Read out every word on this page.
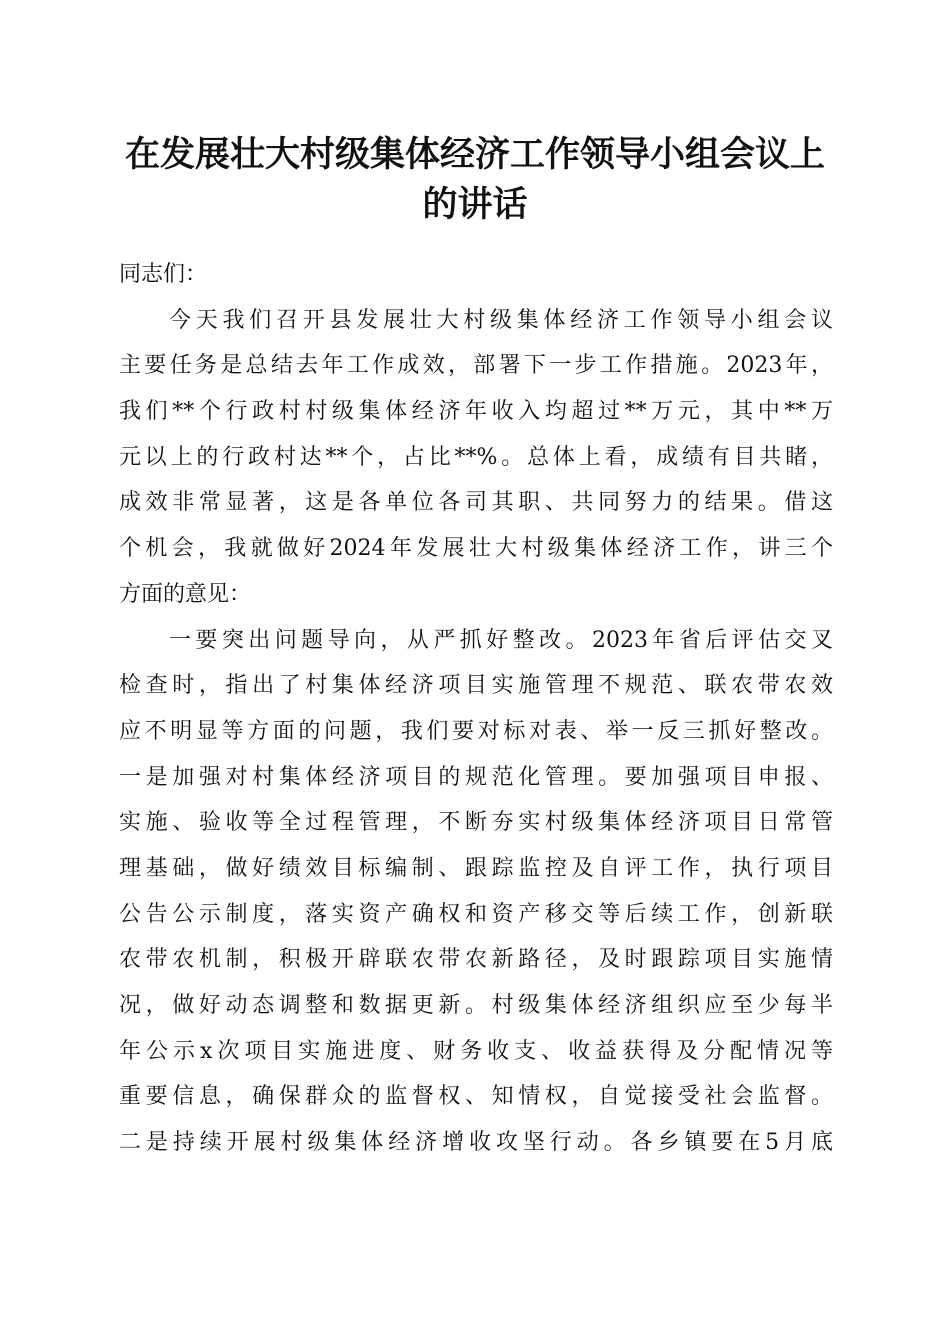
在发展壮大村级集体经济工作领导小组会议上
的讲话
同志们：
今天我们召开县发展壮大村级集体经济工作领导小组会议
主要任务是总结去年工作成效，部署下一步工作措施。2023年，
我们**个行政村村级集体经济年收入均超过**万元，其中**万
元以上的行政村达**个，占比**%。总体上看，成绩有目共睹，
成效非常显著，这是各单位各司其职、共同努力的结果。借这
个机会，我就做好2024年发展壮大村级集体经济工作，讲三个
方面的意见：
一要突出问题导向，从严抓好整改。2023年省后评估交叉
检查时，指出了村集体经济项目实施管理不规范、联农带农效
应不明显等方面的问题，我们要对标对表、举一反三抓好整改。
一是加强对村集体经济项目的规范化管理。要加强项目申报、
实施、验收等全过程管理，不断夯实村级集体经济项目日常管
理基础，做好绩效目标编制、跟踪监控及自评工作，执行项目
公告公示制度，落实资产确权和资产移交等后续工作，创新联
农带农机制，积极开辟联农带农新路径，及时跟踪项目实施情
况，做好动态调整和数据更新。村级集体经济组织应至少每半
年公示x次项目实施进度、财务收支、收益获得及分配情况等
重要信息，确保群众的监督权、知情权，自觉接受社会监督。
二是持续开展村级集体经济增收攻坚行动。各乡镇要在5月底
